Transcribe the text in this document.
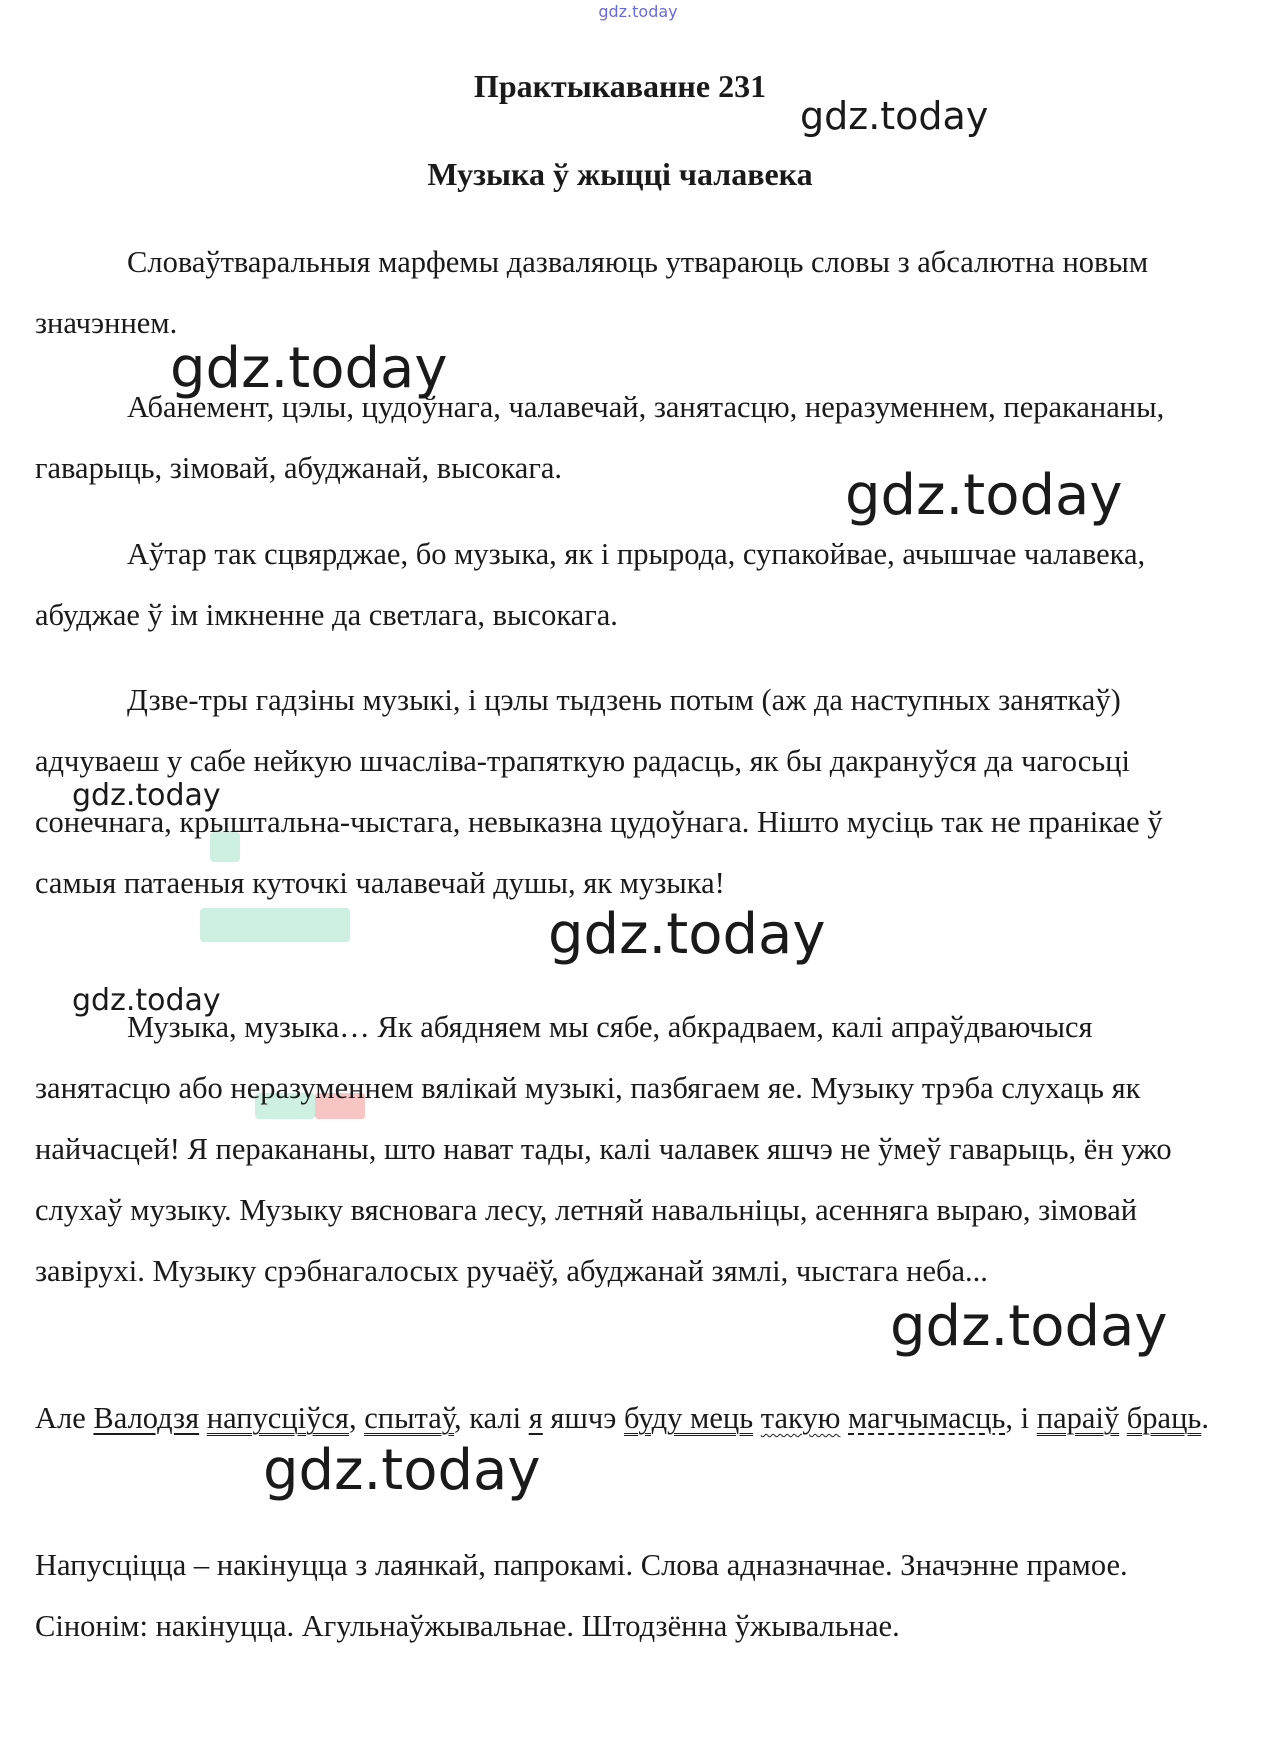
gdz.today
Практыкаванне 231
Музыка ў жыцці чалавека

Словаўтваральныя марфемы дазваляюць утвараюць словы з абсалютна новым значэннем.

Абанемент, цэлы, цудоўнага, чалавечай, занятасцю, неразуменнем, перакананы, гаварыць, зімовай, абуджанай, высокага.

Аўтар так сцвярджае, бо музыка, як і прырода, супакойвае, ачышчае чалавека, абуджае ў ім імкненне да светлага, высокага.

Дзве-тры гадзіны музыкі, і цэлы тыдзень потым (аж да наступных заняткаў) адчуваеш у сабе нейкую шчасліва-трапяткую радасць, як бы дакрануўся да чагосьці сонечнага, крыштальна-чыстага, невыказна цудоўнага. Нішто мусіць так не пранікае ў самыя патаеныя куточкі чалавечай душы, як музыка!

Музыка, музыка… Як абядняем мы сябе, абкрадваем, калі апраўдваючыся занятасцю або неразуменнем вялікай музыкі, пазбягаем яе. Музыку трэба слухаць як найчасцей! Я перакананы, што нават тады, калі чалавек яшчэ не ўмеў гаварыць, ён ужо слухаў музыку. Музыку вясновага лесу, летняй навальніцы, асенняга выраю, зімовай завірухі. Музыку срэбнагалосых ручаёў, абуджанай зямлі, чыстага неба...

Але Валодзя напусціўся, спытаў, калі я яшчэ буду мець такую магчымасць, і параіў браць.

Напусціцца – накінуцца з лаянкай, папрокамі. Слова адназначнае. Значэнне прамое. Сінонім: накінуцца. Агульнаўжывальнае. Штодзённа ўжывальнае.

gdz.today
gdz.today
gdz.today
gdz.today
gdz.today
gdz.today
gdz.today
gdz.today
